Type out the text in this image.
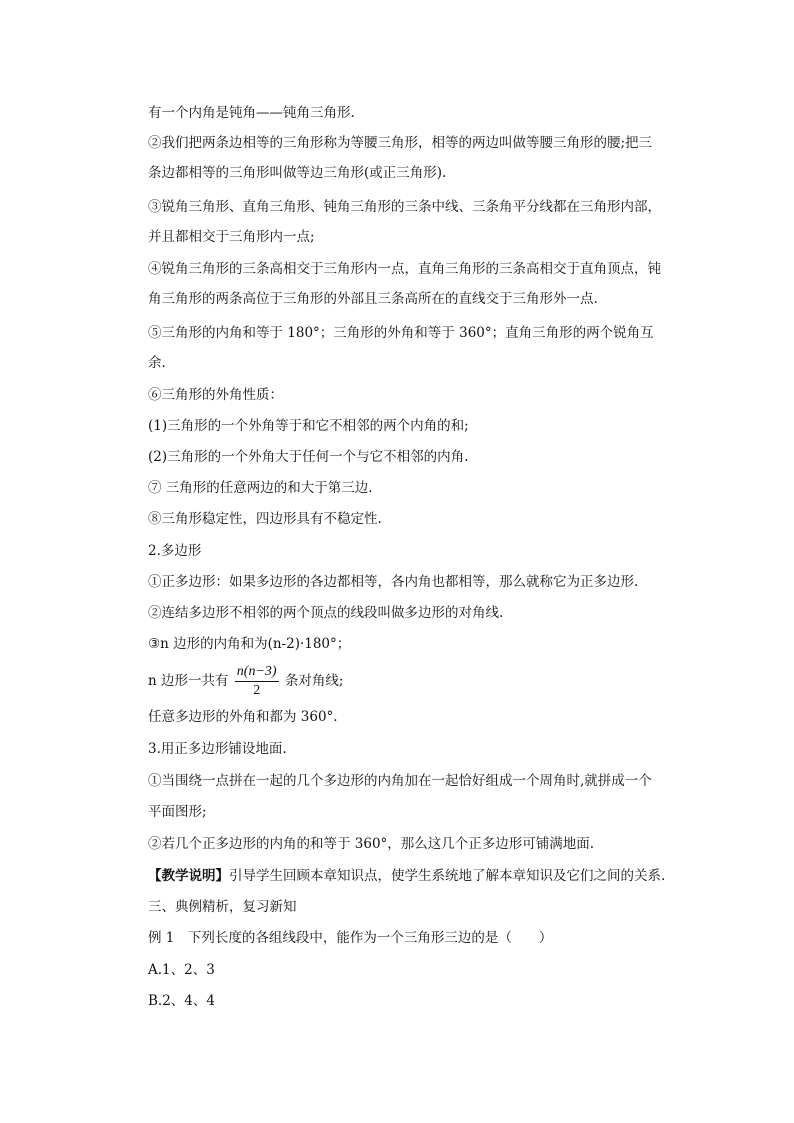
有一个内角是钝角——钝角三角形.
②我们把两条边相等的三角形称为等腰三角形，相等的两边叫做等腰三角形的腰;把三
条边都相等的三角形叫做等边三角形(或正三角形).
③锐角三角形、直角三角形、钝角三角形的三条中线、三条角平分线都在三角形内部，
并且都相交于三角形内一点;
④锐角三角形的三条高相交于三角形内一点，直角三角形的三条高相交于直角顶点，钝
角三角形的两条高位于三角形的外部且三条高所在的直线交于三角形外一点.
⑤三角形的内角和等于 180°；三角形的外角和等于 360°；直角三角形的两个锐角互
余.
⑥三角形的外角性质：
(1)三角形的一个外角等于和它不相邻的两个内角的和;
(2)三角形的一个外角大于任何一个与它不相邻的内角.
⑦ 三角形的任意两边的和大于第三边.
⑧三角形稳定性，四边形具有不稳定性.
2.多边形
①正多边形：如果多边形的各边都相等，各内角也都相等，那么就称它为正多边形.
②连结多边形不相邻的两个顶点的线段叫做多边形的对角线.
③n 边形的内角和为(n-2)·180°；
n 边形一共有 $\frac{n(n-3)}{2}$ 条对角线;
任意多边形的外角和都为 360°.
3.用正多边形铺设地面.
①当围绕一点拼在一起的几个多边形的内角加在一起恰好组成一个周角时,就拼成一个
平面图形;
②若几个正多边形的内角的和等于 360°，那么这几个正多边形可铺满地面.
【教学说明】引导学生回顾本章知识点，使学生系统地了解本章知识及它们之间的关系.
三、典例精析，复习新知
例 1　下列长度的各组线段中，能作为一个三角形三边的是（　　）
A.1、2、3
B.2、4、4
